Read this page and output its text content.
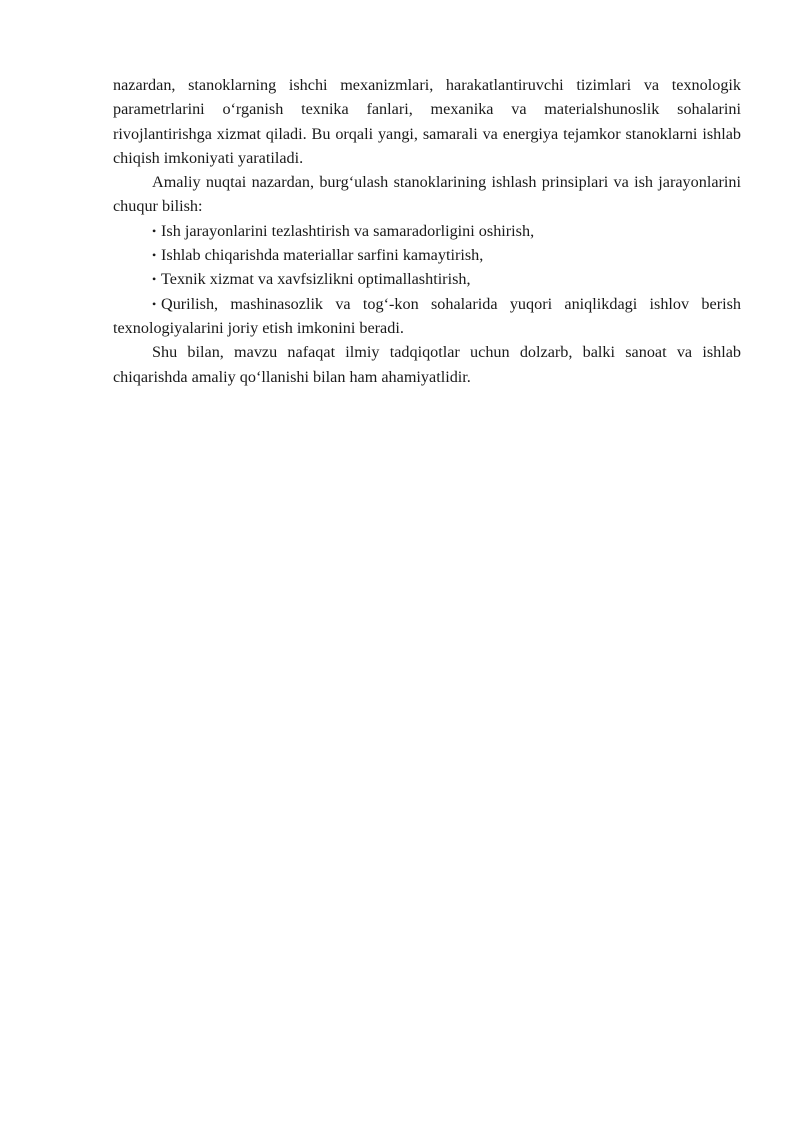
nazardan, stanoklarning ishchi mexanizmlari, harakatlantiruvchi tizimlari va texnologik parametrlarini o‘rganish texnika fanlari, mexanika va materialshunoslik sohalarini rivojlantirishga xizmat qiladi. Bu orqali yangi, samarali va energiya tejamkor stanoklarni ishlab chiqish imkoniyati yaratiladi.

Amaliy nuqtai nazardan, burg‘ulash stanoklarining ishlash prinsiplari va ish jarayonlarini chuqur bilish:

• Ish jarayonlarini tezlashtirish va samaradorligini oshirish,

• Ishlab chiqarishda materiallar sarfini kamaytirish,

• Texnik xizmat va xavfsizlikni optimallashtirish,

• Qurilish, mashinasozlik va tog‘-kon sohalarida yuqori aniqlikdagi ishlov berish texnologiyalarini joriy etish imkonini beradi.

Shu bilan, mavzu nafaqat ilmiy tadqiqotlar uchun dolzarb, balki sanoat va ishlab chiqarishda amaliy qo‘llanishi bilan ham ahamiyatlidir.
